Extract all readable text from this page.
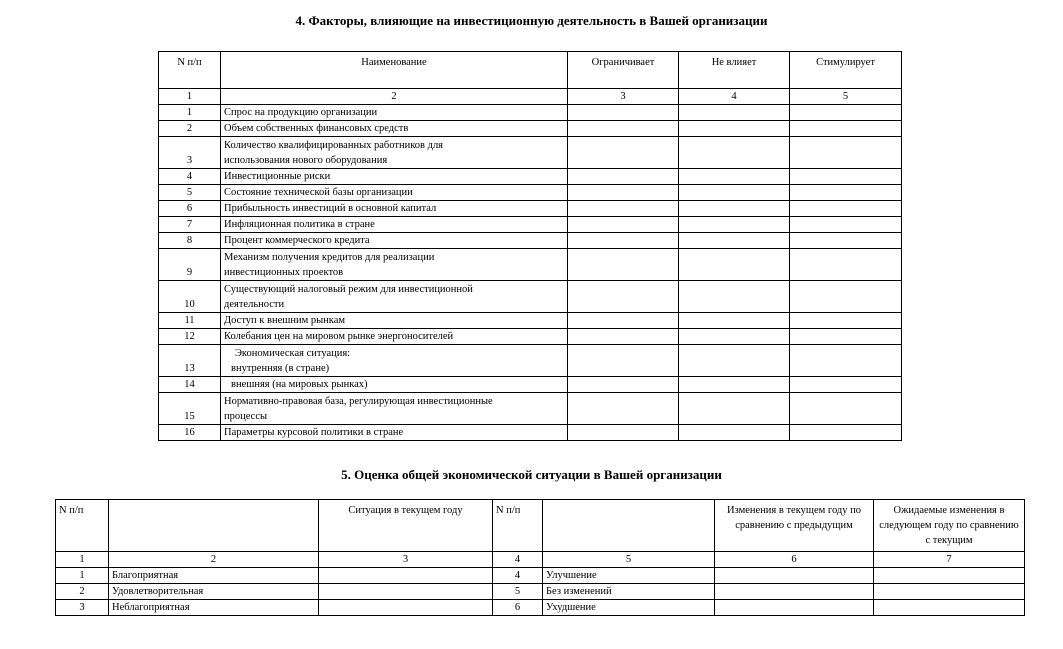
4. Факторы, влияющие на инвестиционную деятельность в Вашей организации
N п/п	Наименование	Ограничивает	Не влияет	Стимулирует
1	2	3	4	5
1	Спрос на продукцию организации			

2	Объем собственных финансовых средств			

3	Количество квалифицированных работников для
использования нового оборудования			

4	Инвестиционные риски			

5	Состояние технической базы организации			

6	Прибыльность инвестиций в основной капитал			

7	Инфляционная политика в стране			

8	Процент коммерческого кредита			

9	Механизм получения кредитов для реализации
инвестиционных проектов			

10	Существующий налоговый режим для инвестиционной
деятельности			

11	Доступ к внешним рынкам			

12	Колебания цен на мировом рынке энергоносителей			

13	Экономическая ситуация:
внутренняя (в стране)			

14	внешняя (на мировых рынках)			

15	Нормативно-правовая база, регулирующая инвестиционные
процессы			

16	Параметры курсовой политики в стране			

5. Оценка общей экономической ситуации в Вашей организации
N п/п		Ситуация в текущем году	N п/п		Изменения в текущем году по сравнению с предыдущим	Ожидаемые изменения в следующем году по сравнению с текущим
1	2	3	4	5	6	7
1	Благоприятная		4	Улучшение		
2	Удовлетворительная		5	Без изменений		
3	Неблагоприятная		6	Ухудшение		
